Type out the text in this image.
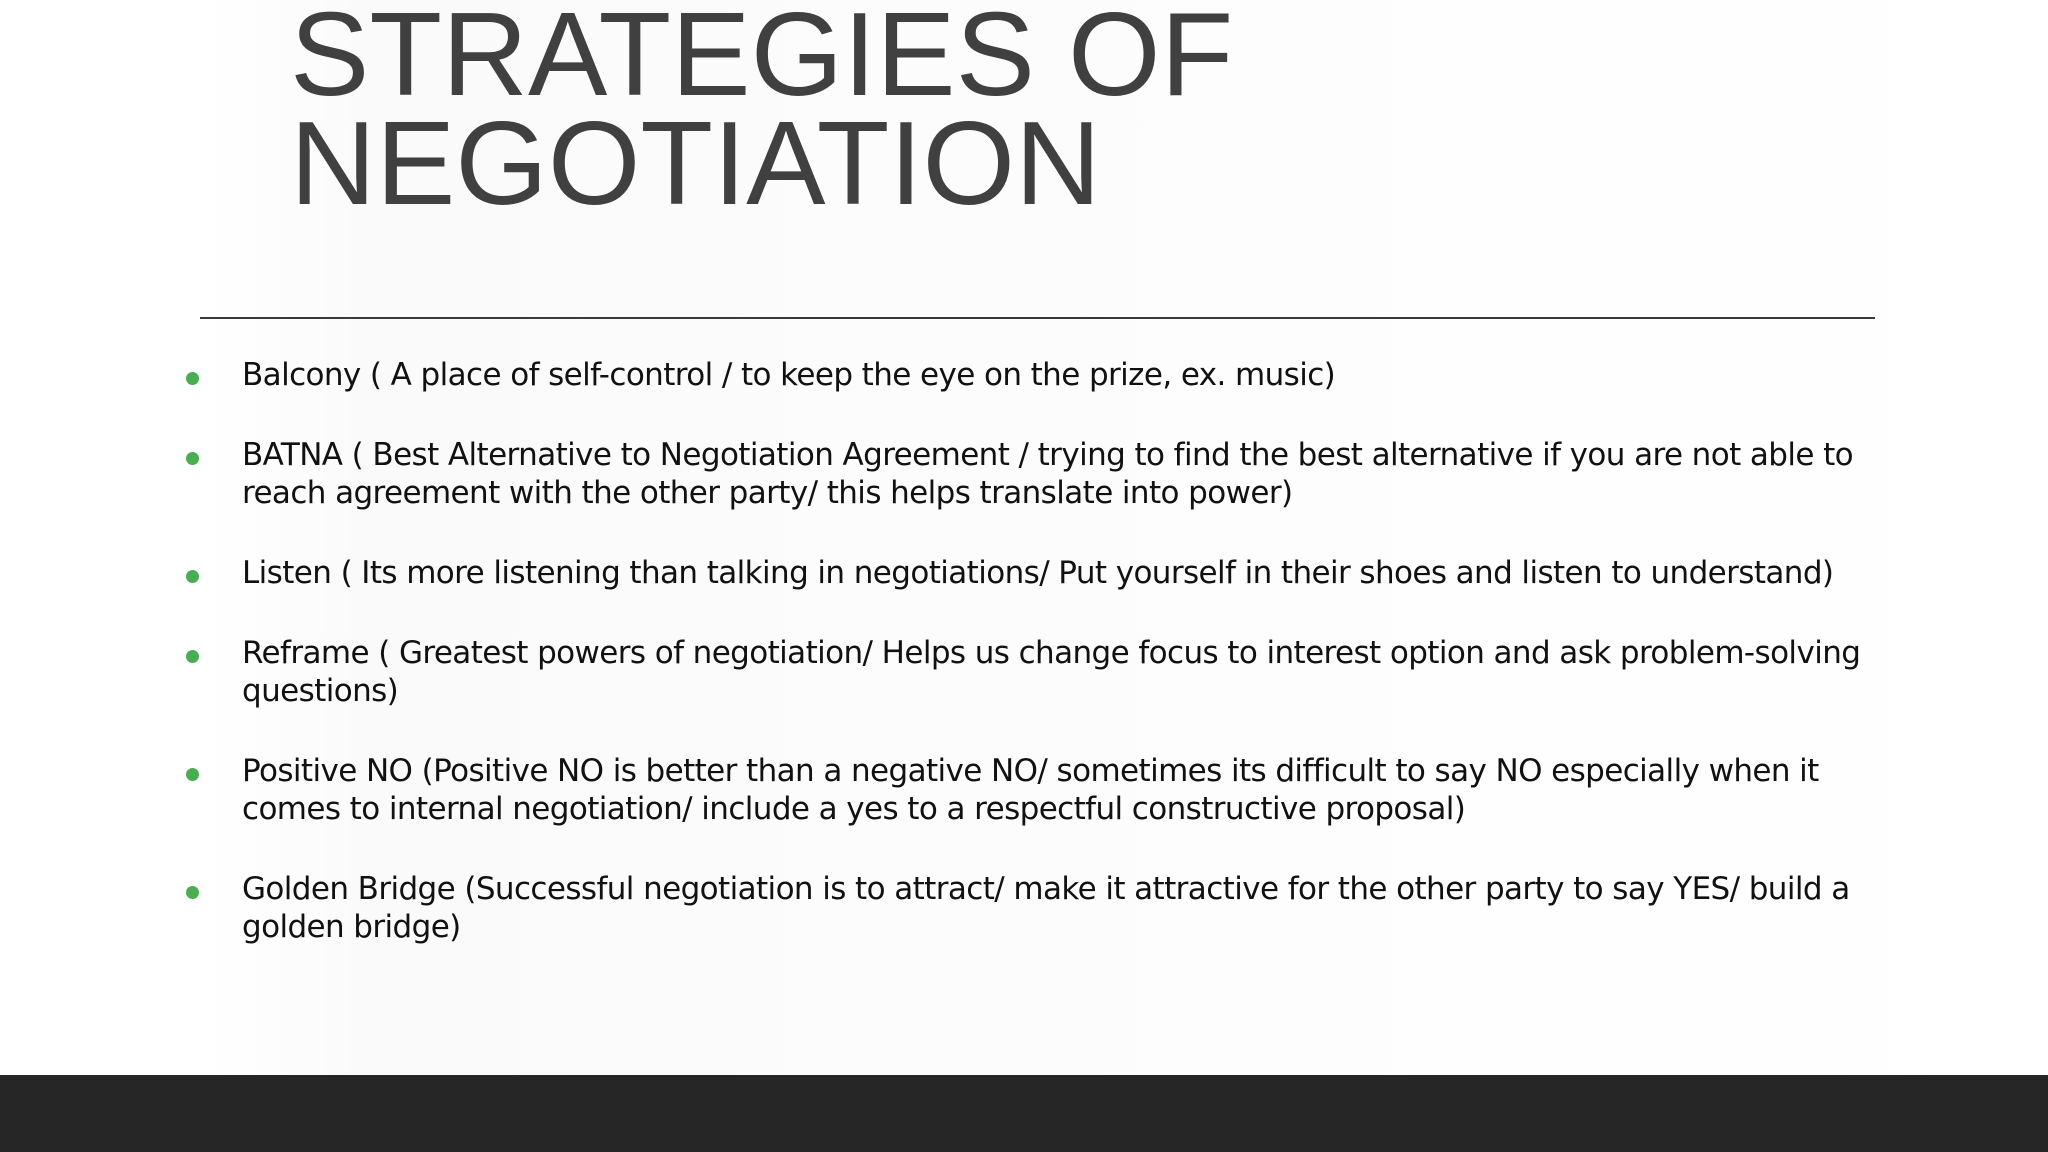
STRATEGIES OF
NEGOTIATION
Balcony ( A place of self-control / to keep the eye on the prize, ex. music)
BATNA ( Best Alternative to Negotiation Agreement / trying to find the best alternative if you are not able to reach agreement with the other party/ this helps translate into power)
Listen ( Its more listening than talking in negotiations/ Put yourself in their shoes and listen to understand)
Reframe ( Greatest powers of negotiation/ Helps us change focus to interest option and ask problem-solving questions)
Positive NO (Positive NO is better than a negative NO/ sometimes its difficult to say NO especially when it comes to internal negotiation/ include a yes to a respectful constructive proposal)
Golden Bridge (Successful negotiation is to attract/ make it attractive for the other party to say YES/ build a golden bridge)
